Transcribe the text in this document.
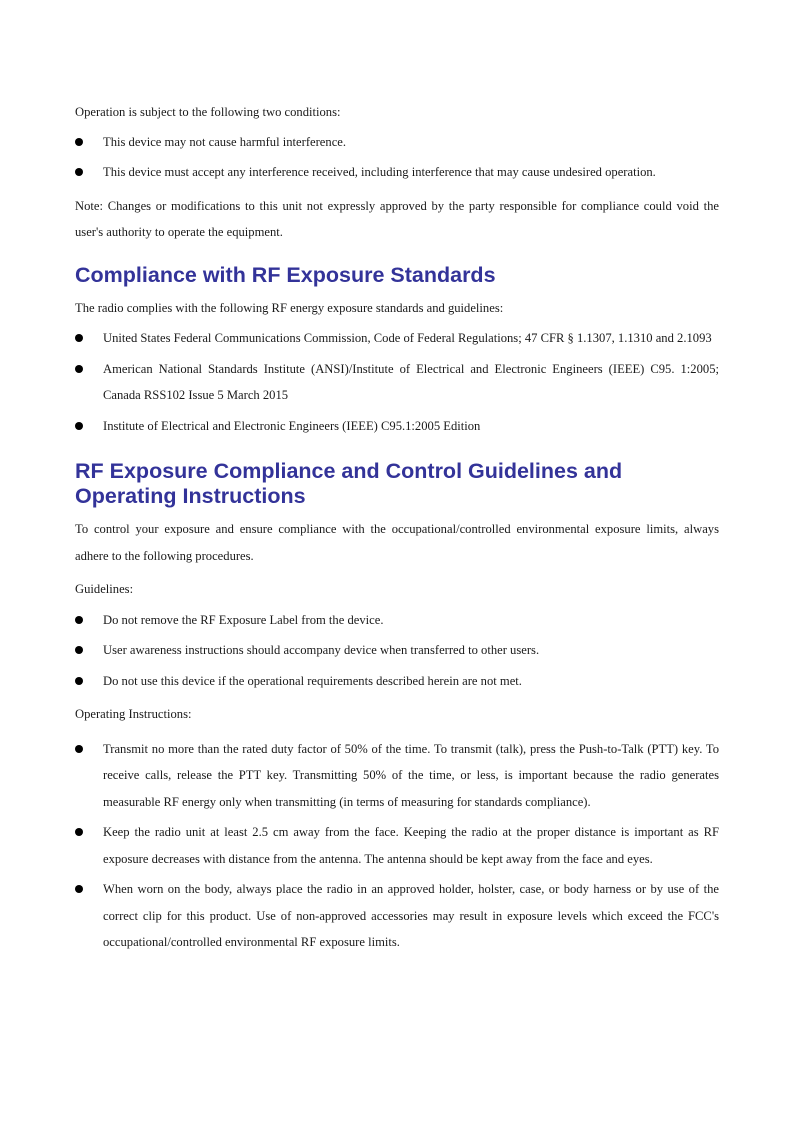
Operation is subject to the following two conditions:

This device may not cause harmful interference.
This device must accept any interference received, including interference that may cause undesired operation.

Note: Changes or modifications to this unit not expressly approved by the party responsible for compliance could void the user's authority to operate the equipment.

Compliance with RF Exposure Standards

The radio complies with the following RF energy exposure standards and guidelines:

United States Federal Communications Commission, Code of Federal Regulations; 47 CFR § 1.1307, 1.1310 and 2.1093
American National Standards Institute (ANSI)/Institute of Electrical and Electronic Engineers (IEEE) C95. 1:2005; Canada RSS102 Issue 5 March 2015
Institute of Electrical and Electronic Engineers (IEEE) C95.1:2005 Edition
RF Exposure Compliance and Control Guidelines and
Operating Instructions

To control your exposure and ensure compliance with the occupational/controlled environmental exposure limits, always adhere to the following procedures.

Guidelines:

Do not remove the RF Exposure Label from the device.
User awareness instructions should accompany device when transferred to other users.
Do not use this device if the operational requirements described herein are not met.

Operating Instructions:

Transmit no more than the rated duty factor of 50% of the time. To transmit (talk), press the Push-to-Talk (PTT) key. To receive calls, release the PTT key. Transmitting 50% of the time, or less, is important because the radio generates measurable RF energy only when transmitting (in terms of measuring for standards compliance).
Keep the radio unit at least 2.5 cm away from the face. Keeping the radio at the proper distance is important as RF exposure decreases with distance from the antenna. The antenna should be kept away from the face and eyes.
When worn on the body, always place the radio in an approved holder, holster, case, or body harness or by use of the correct clip for this product. Use of non-approved accessories may result in exposure levels which exceed the FCC's occupational/controlled environmental RF exposure limits.
